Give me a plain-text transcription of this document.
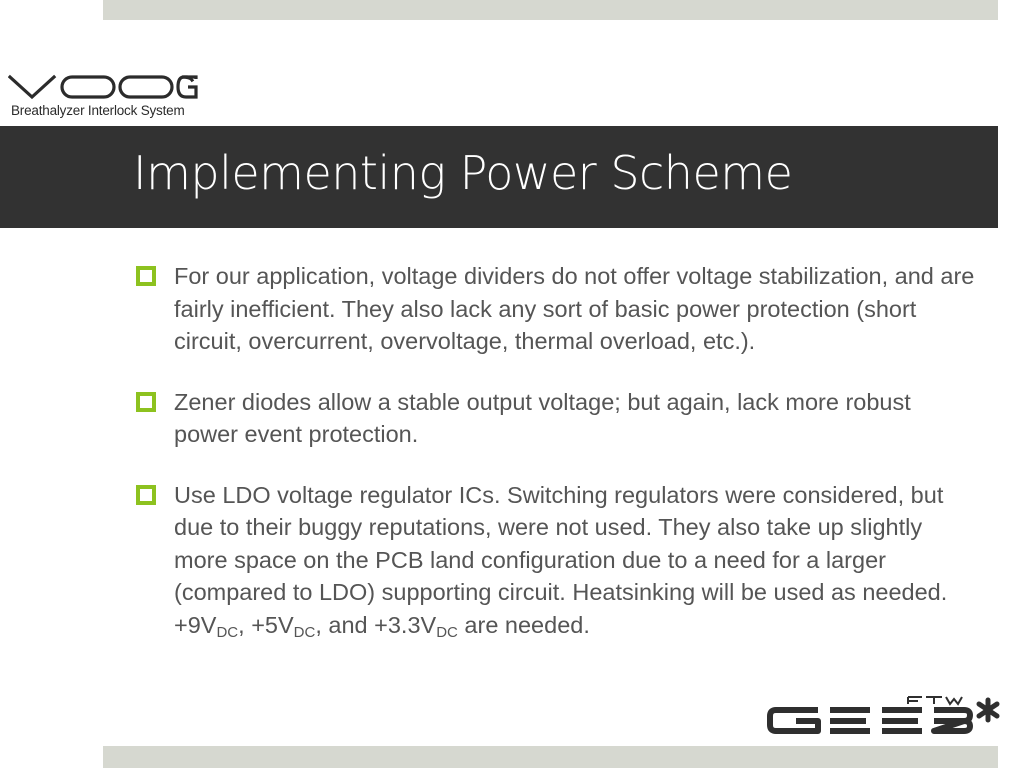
Breathalyzer Interlock System
Implementing Power Scheme
For our application, voltage dividers do not offer voltage stabilization, and are fairly inefficient. They also lack any sort of basic power protection (short circuit, overcurrent, overvoltage, thermal overload, etc.).
Zener diodes allow a stable output voltage; but again, lack more robust power event protection.
Use LDO voltage regulator ICs. Switching regulators were considered, but due to their buggy reputations, were not used. They also take up slightly more space on the PCB land configuration due to a need for a larger (compared to LDO) supporting circuit. Heatsinking will be used as needed.
$+9V_{DC}$, $+5V_{DC}$, and $+3.3V_{DC}$ are needed.
